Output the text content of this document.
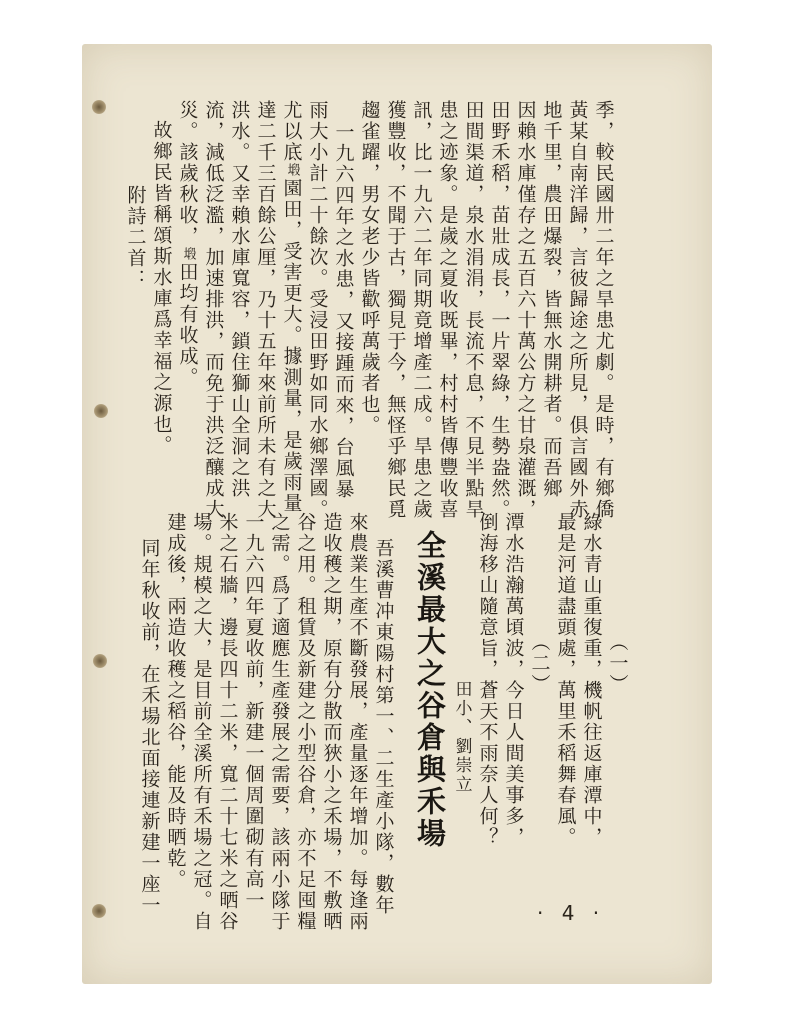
季，較民國卅二年之旱患尤劇。是時，有鄉僑
黃某自南洋歸，言彼歸途之所見，俱言國外赤
地千里，農田爆裂，皆無水開耕者。而吾鄉
因賴水庫僅存之五百六十萬公方之甘泉灌溉，
田野禾稻，苗壯成長，一片翠綠，生勢盎然。
田間渠道，泉水涓涓，長流不息，不見半點旱
患之迹象。是歲之夏收既畢，村村皆傳豐收喜
訊，比一九六二年同期竟增產二成。旱患之歲
獲豐收，不聞于古，獨見于今，無怪乎鄉民覓
趨雀躍，男女老少皆歡呼萬歲者也。
一九六四年之水患，又接踵而來，台風暴
雨大小計二十餘次。受浸田野如同水鄉澤國。
尤以底塅園田，受害更大。據測量，是歲雨量
達二千三百餘公厘，乃十五年來前所未有之大
洪水。又幸賴水庫寬容，鎖住獅山全洞之洪
流，減低泛濫，加速排洪，而免于洪泛釀成大
災。該歲秋收，塅田均有收成。
故鄉民皆稱頌斯水庫爲幸福之源也。
附詩二首：
（一）
綠水青山重復重，機帆往返庫潭中，
最是河道盡頭處，萬里禾稻舞春風。
（二）
潭水浩瀚萬頃波，今日人間美事多，
倒海移山隨意旨，蒼天不雨奈人何？
田小、劉崇立
全溪最大之谷倉與禾場
吾溪曹冲東陽村第一、二生產小隊，數年
來農業生產不斷發展，產量逐年增加。每逢兩
造收穫之期，原有分散而狹小之禾場，不敷晒
谷之用。租賃及新建之小型谷倉，亦不足囤糧
之需。爲了適應生產發展之需要，該兩小隊于
一九六四年夏收前，新建一個周圍砌有高一
米之石牆，邊長四十二米，寬二十七米之晒谷
場。規模之大，是目前全溪所有禾場之冠。自
建成後，兩造收穫之稻谷，能及時晒乾。
同年秋收前，在禾場北面接連新建一座一	· 4 ·
